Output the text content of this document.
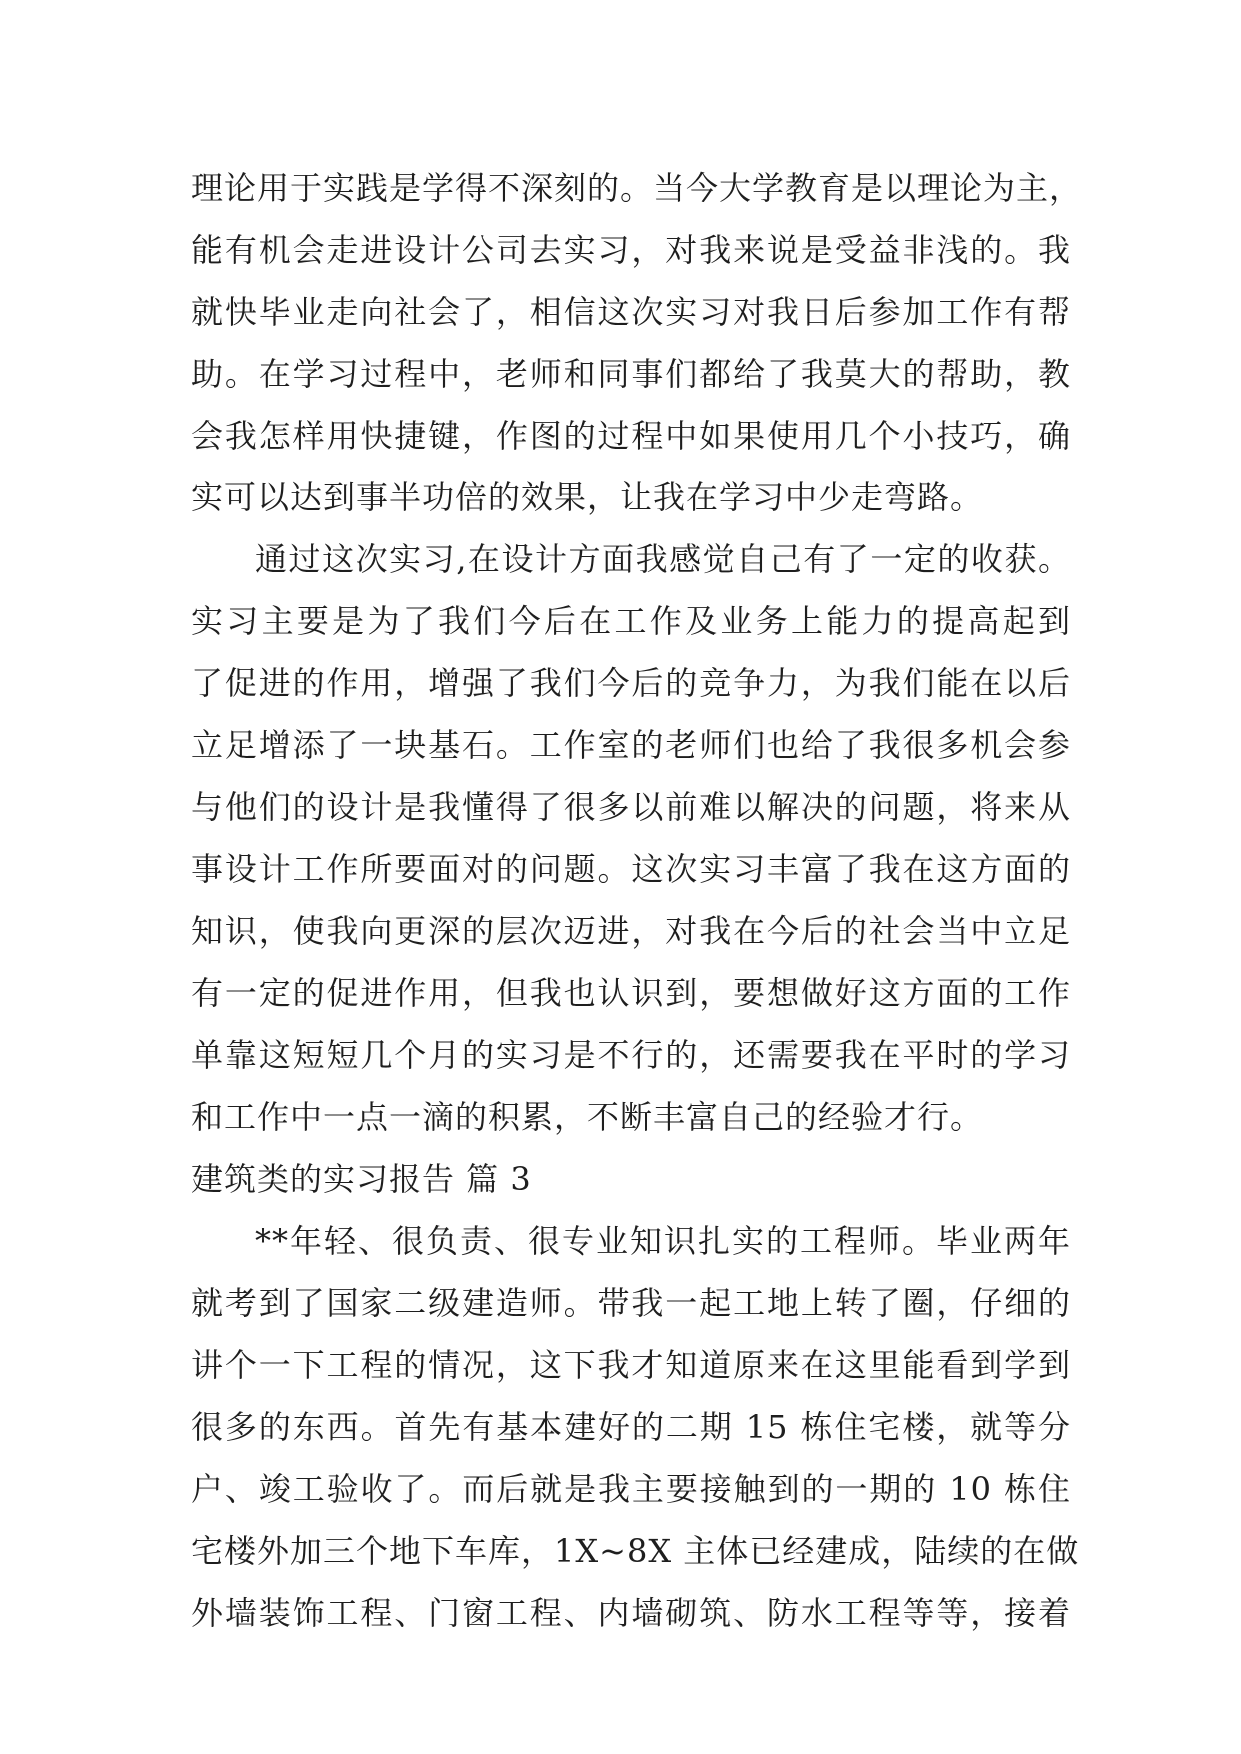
理论用于实践是学得不深刻的。当今大学教育是以理论为主，
能有机会走进设计公司去实习，对我来说是受益非浅的。我
就快毕业走向社会了，相信这次实习对我日后参加工作有帮
助。在学习过程中，老师和同事们都给了我莫大的帮助，教
会我怎样用快捷键，作图的过程中如果使用几个小技巧，确
实可以达到事半功倍的效果，让我在学习中少走弯路。
通过这次实习,在设计方面我感觉自己有了一定的收获。
实习主要是为了我们今后在工作及业务上能力的提高起到
了促进的作用，增强了我们今后的竞争力，为我们能在以后
立足增添了一块基石。工作室的老师们也给了我很多机会参
与他们的设计是我懂得了很多以前难以解决的问题，将来从
事设计工作所要面对的问题。这次实习丰富了我在这方面的
知识，使我向更深的层次迈进，对我在今后的社会当中立足
有一定的促进作用，但我也认识到，要想做好这方面的工作
单靠这短短几个月的实习是不行的，还需要我在平时的学习
和工作中一点一滴的积累，不断丰富自己的经验才行。
建筑类的实习报告 篇 3
**年轻、很负责、很专业知识扎实的工程师。毕业两年
就考到了国家二级建造师。带我一起工地上转了圈，仔细的
讲个一下工程的情况，这下我才知道原来在这里能看到学到
很多的东西。首先有基本建好的二期 15 栋住宅楼，就等分
户、竣工验收了。而后就是我主要接触到的一期的 10 栋住
宅楼外加三个地下车库，1X~8X 主体已经建成，陆续的在做
外墙装饰工程、门窗工程、内墙砌筑、防水工程等等，接着
